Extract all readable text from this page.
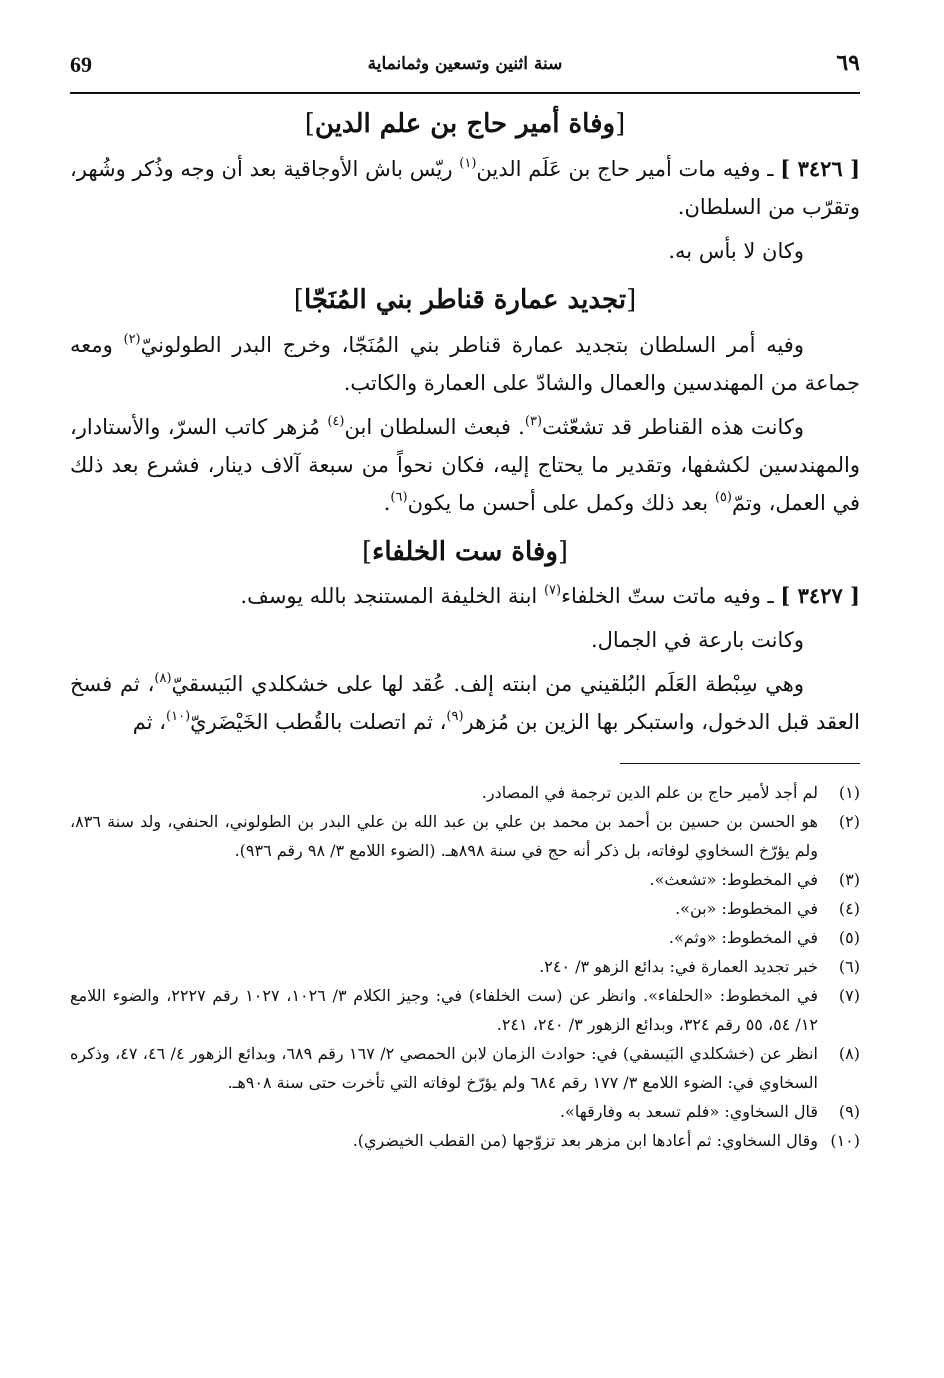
٦٩
سنة اثنين وتسعين وثمانماية
69
[وفاة أمير حاج بن علم الدين]

[ ٣٤٢٦ ] ـ وفيه مات أمير حاج بن عَلَم الدين$^{(١)}$ ريّس باش الأوجاقية بعد أن وجه وذُكر وشُهر، وتقرّب من السلطان.

وكان لا بأس به.

[تجديد عمارة قناطر بني المُنَجّا]

وفيه أمر السلطان بتجديد عمارة قناطر بني المُنَجّا، وخرج البدر الطولونيّ$^{(٢)}$ ومعه جماعة من المهندسين والعمال والشادّ على العمارة والكاتب.

وكانت هذه القناطر قد تشعّثت$^{(٣)}$. فبعث السلطان ابن$^{(٤)}$ مُزهر كاتب السرّ، والأستادار، والمهندسين لكشفها، وتقدير ما يحتاج إليه، فكان نحواً من سبعة آلاف دينار، فشرع بعد ذلك في العمل، وتمّ$^{(٥)}$ بعد ذلك وكمل على أحسن ما يكون$^{(٦)}$.

[وفاة ست الخلفاء]

[ ٣٤٢٧ ] ـ وفيه ماتت ستّ الخلفاء$^{(٧)}$ ابنة الخليفة المستنجد بالله يوسف.

وكانت بارعة في الجمال.

وهي سِبْطة العَلَم البُلقيني من ابنته إلف. عُقد لها على خشكلدي البَيسقيّ$^{(٨)}$، ثم فسخ العقد قبل الدخول، واستبكر بها الزين بن مُزهر$^{(٩)}$، ثم اتصلت بالقُطب الخَيْضَريّ$^{(١٠)}$، ثم

(١)
لم أجد لأمير حاج بن علم الدين ترجمة في المصادر.
(٢)
هو الحسن بن حسين بن أحمد بن محمد بن علي بن عبد الله بن علي البدر بن الطولوني، الحنفي، ولد سنة ٨٣٦، ولم يؤرّخ السخاوي لوفاته، بل ذكر أنه حج في سنة ٨٩٨هـ. (الضوء اللامع ٣/ ٩٨ رقم ٩٣٦).
(٣)
في المخطوط: «تشعث».
(٤)
في المخطوط: «بن».
(٥)
في المخطوط: «وثم».
(٦)
خبر تجديد العمارة في: بدائع الزهو ٣/ ٢٤٠.
(٧)
في المخطوط: «الحلفاء». وانظر عن (ست الخلفاء) في: وجيز الكلام ٣/ ١٠٢٦، ١٠٢٧ رقم ٢٢٢٧، والضوء اللامع ١٢/ ٥٤، ٥٥ رقم ٣٢٤، وبدائع الزهور ٣/ ٢٤٠، ٢٤١.
(٨)
انظر عن (خشكلدي البَيسقي) في: حوادث الزمان لابن الحمصي ٢/ ١٦٧ رقم ٦٨٩، وبدائع الزهور ٤/ ٤٦، ٤٧، وذكره السخاوي في: الضوء اللامع ٣/ ١٧٧ رقم ٦٨٤ ولم يؤرّخ لوفاته التي تأخرت حتى سنة ٩٠٨هـ.
(٩)
قال السخاوي: «فلم تسعد به وفارقها».
(١٠)
وقال السخاوي: ثم أعادها ابن مزهر بعد تزوّجها (من القطب الخيضري).
